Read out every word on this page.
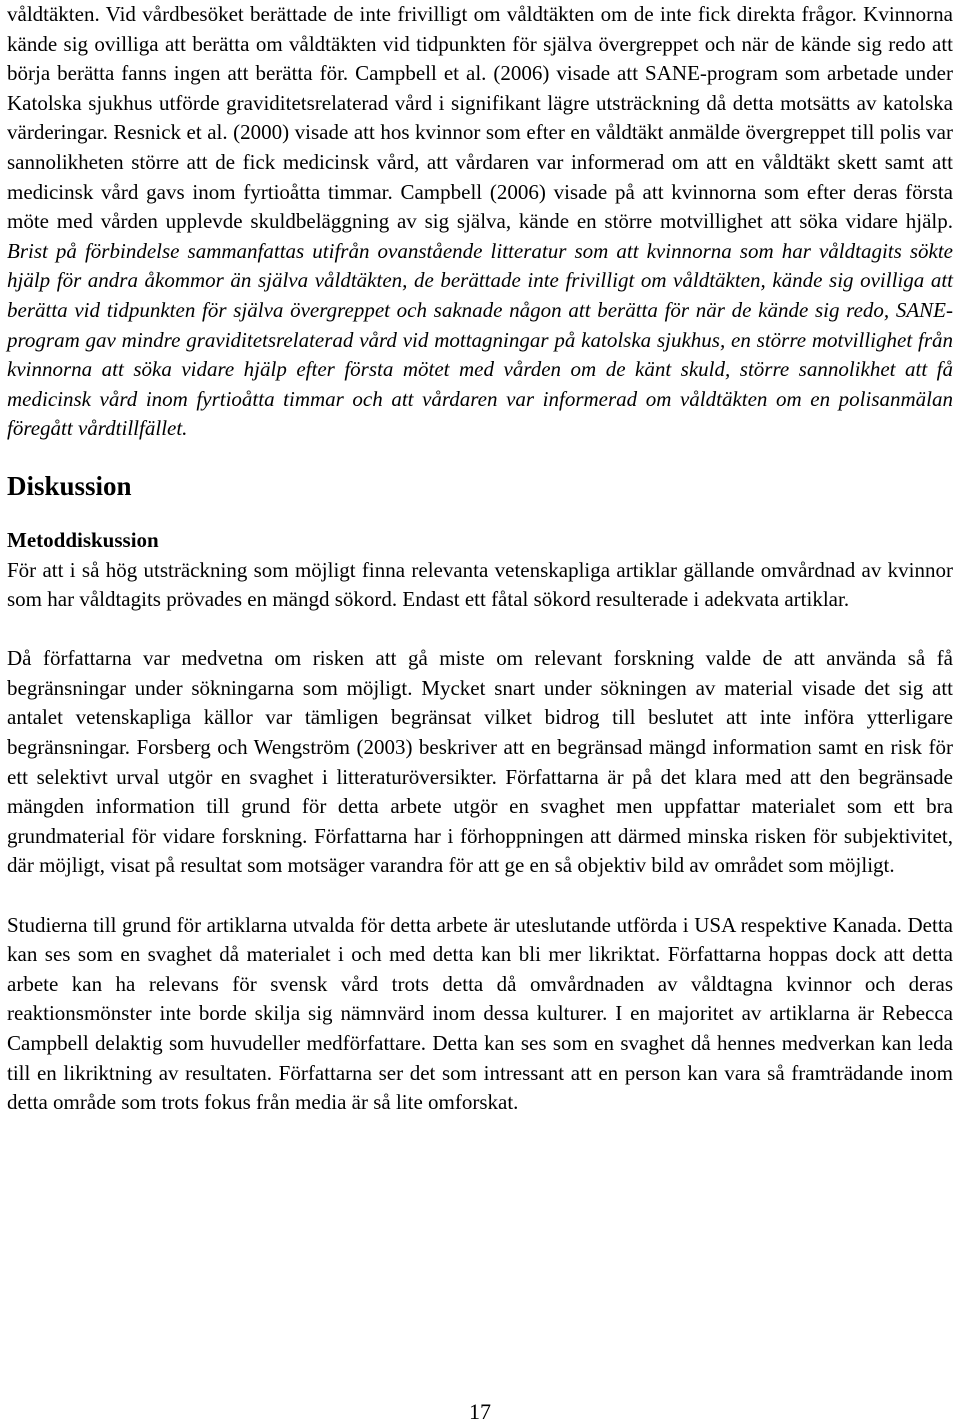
våldtäkten. Vid vårdbesöket berättade de inte frivilligt om våldtäkten om de inte fick direkta frågor. Kvinnorna kände sig ovilliga att berätta om våldtäkten vid tidpunkten för själva övergreppet och när de kände sig redo att börja berätta fanns ingen att berätta för. Campbell et al. (2006) visade att SANE-program som arbetade under Katolska sjukhus utförde graviditetsrelaterad vård i signifikant lägre utsträckning då detta motsätts av katolska värderingar. Resnick et al. (2000) visade att hos kvinnor som efter en våldtäkt anmälde övergreppet till polis var sannolikheten större att de fick medicinsk vård, att vårdaren var informerad om att en våldtäkt skett samt att medicinsk vård gavs inom fyrtioåtta timmar. Campbell (2006) visade på att kvinnorna som efter deras första möte med vården upplevde skuldbeläggning av sig själva, kände en större motvillighet att söka vidare hjälp. Brist på förbindelse sammanfattas utifrån ovanstående litteratur som att kvinnorna som har våldtagits sökte hjälp för andra åkommor än själva våldtäkten, de berättade inte frivilligt om våldtäkten, kände sig ovilliga att berätta vid tidpunkten för själva övergreppet och saknade någon att berätta för när de kände sig redo, SANE-program gav mindre graviditetsrelaterad vård vid mottagningar på katolska sjukhus, en större motvillighet från kvinnorna att söka vidare hjälp efter första mötet med vården om de känt skuld, större sannolikhet att få medicinsk vård inom fyrtioåtta timmar och att vårdaren var informerad om våldtäkten om en polisanmälan föregått vårdtillfället.

Diskussion
Metoddiskussion

För att i så hög utsträckning som möjligt finna relevanta vetenskapliga artiklar gällande omvårdnad av kvinnor som har våldtagits prövades en mängd sökord. Endast ett fåtal sökord resulterade i adekvata artiklar.

Då författarna var medvetna om risken att gå miste om relevant forskning valde de att använda så få begränsningar under sökningarna som möjligt. Mycket snart under sökningen av material visade det sig att antalet vetenskapliga källor var tämligen begränsat vilket bidrog till beslutet att inte införa ytterligare begränsningar. Forsberg och Wengström (2003) beskriver att en begränsad mängd information samt en risk för ett selektivt urval utgör en svaghet i litteraturöversikter. Författarna är på det klara med att den begränsade mängden information till grund för detta arbete utgör en svaghet men uppfattar materialet som ett bra grundmaterial för vidare forskning. Författarna har i förhoppningen att därmed minska risken för subjektivitet, där möjligt, visat på resultat som motsäger varandra för att ge en så objektiv bild av området som möjligt.

Studierna till grund för artiklarna utvalda för detta arbete är uteslutande utförda i USA respektive Kanada. Detta kan ses som en svaghet då materialet i och med detta kan bli mer likriktat. Författarna hoppas dock att detta arbete kan ha relevans för svensk vård trots detta då omvårdnaden av våldtagna kvinnor och deras reaktionsmönster inte borde skilja sig nämnvärd inom dessa kulturer. I en majoritet av artiklarna är Rebecca Campbell delaktig som huvudeller medförfattare. Detta kan ses som en svaghet då hennes medverkan kan leda till en likriktning av resultaten. Författarna ser det som intressant att en person kan vara så framträdande inom detta område som trots fokus från media är så lite omforskat.

17
